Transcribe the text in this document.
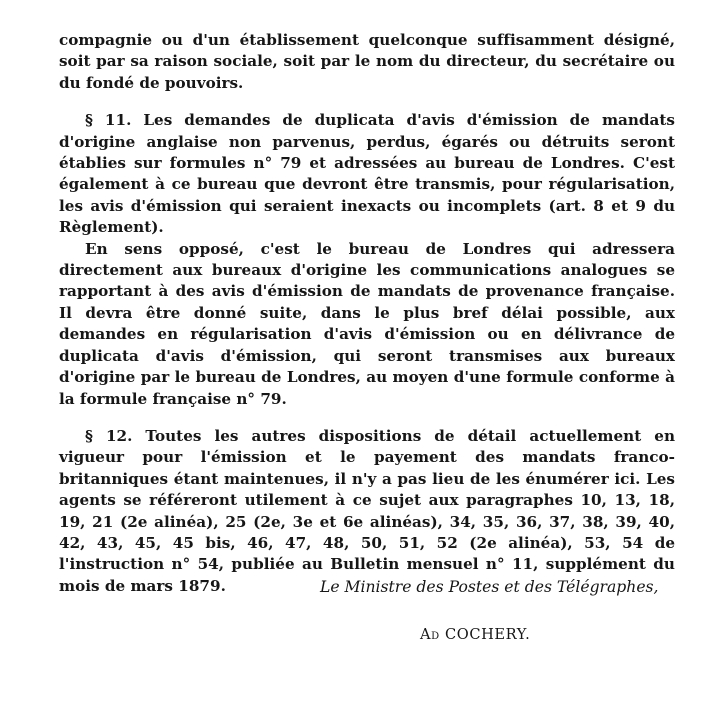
compagnie ou d'un établissement quelconque suffisamment désigné, soit par sa raison sociale, soit par le nom du directeur, du secrétaire ou du fondé de pouvoirs.

§ 11. Les demandes de duplicata d'avis d'émission de mandats d'origine anglaise non parvenus, perdus, égarés ou détruits seront établies sur formules n° 79 et adressées au bureau de Londres. C'est également à ce bureau que devront être transmis, pour régularisation, les avis d'émission qui seraient inexacts ou incomplets (art. 8 et 9 du Règlement).

En sens opposé, c'est le bureau de Londres qui adressera directement aux bureaux d'origine les communications analogues se rapportant à des avis d'émission de mandats de provenance française. Il devra être donné suite, dans le plus bref délai possible, aux demandes en régularisation d'avis d'émission ou en délivrance de duplicata d'avis d'émission, qui seront transmises aux bureaux d'origine par le bureau de Londres, au moyen d'une formule conforme à la formule française n° 79.

§ 12. Toutes les autres dispositions de détail actuellement en vigueur pour l'émission et le payement des mandats franco-britanniques étant maintenues, il n'y a pas lieu de les énumérer ici. Les agents se référeront utilement à ce sujet aux paragraphes 10, 13, 18, 19, 21 (2e alinéa), 25 (2e, 3e et 6e alinéas), 34, 35, 36, 37, 38, 39, 40, 42, 43, 45, 45 bis, 46, 47, 48, 50, 51, 52 (2e alinéa), 53, 54 de l'instruction n° 54, publiée au Bulletin mensuel n° 11, supplément du mois de mars 1879.	Le Ministre des Postes et des Télégraphes,
Ad COCHERY.
